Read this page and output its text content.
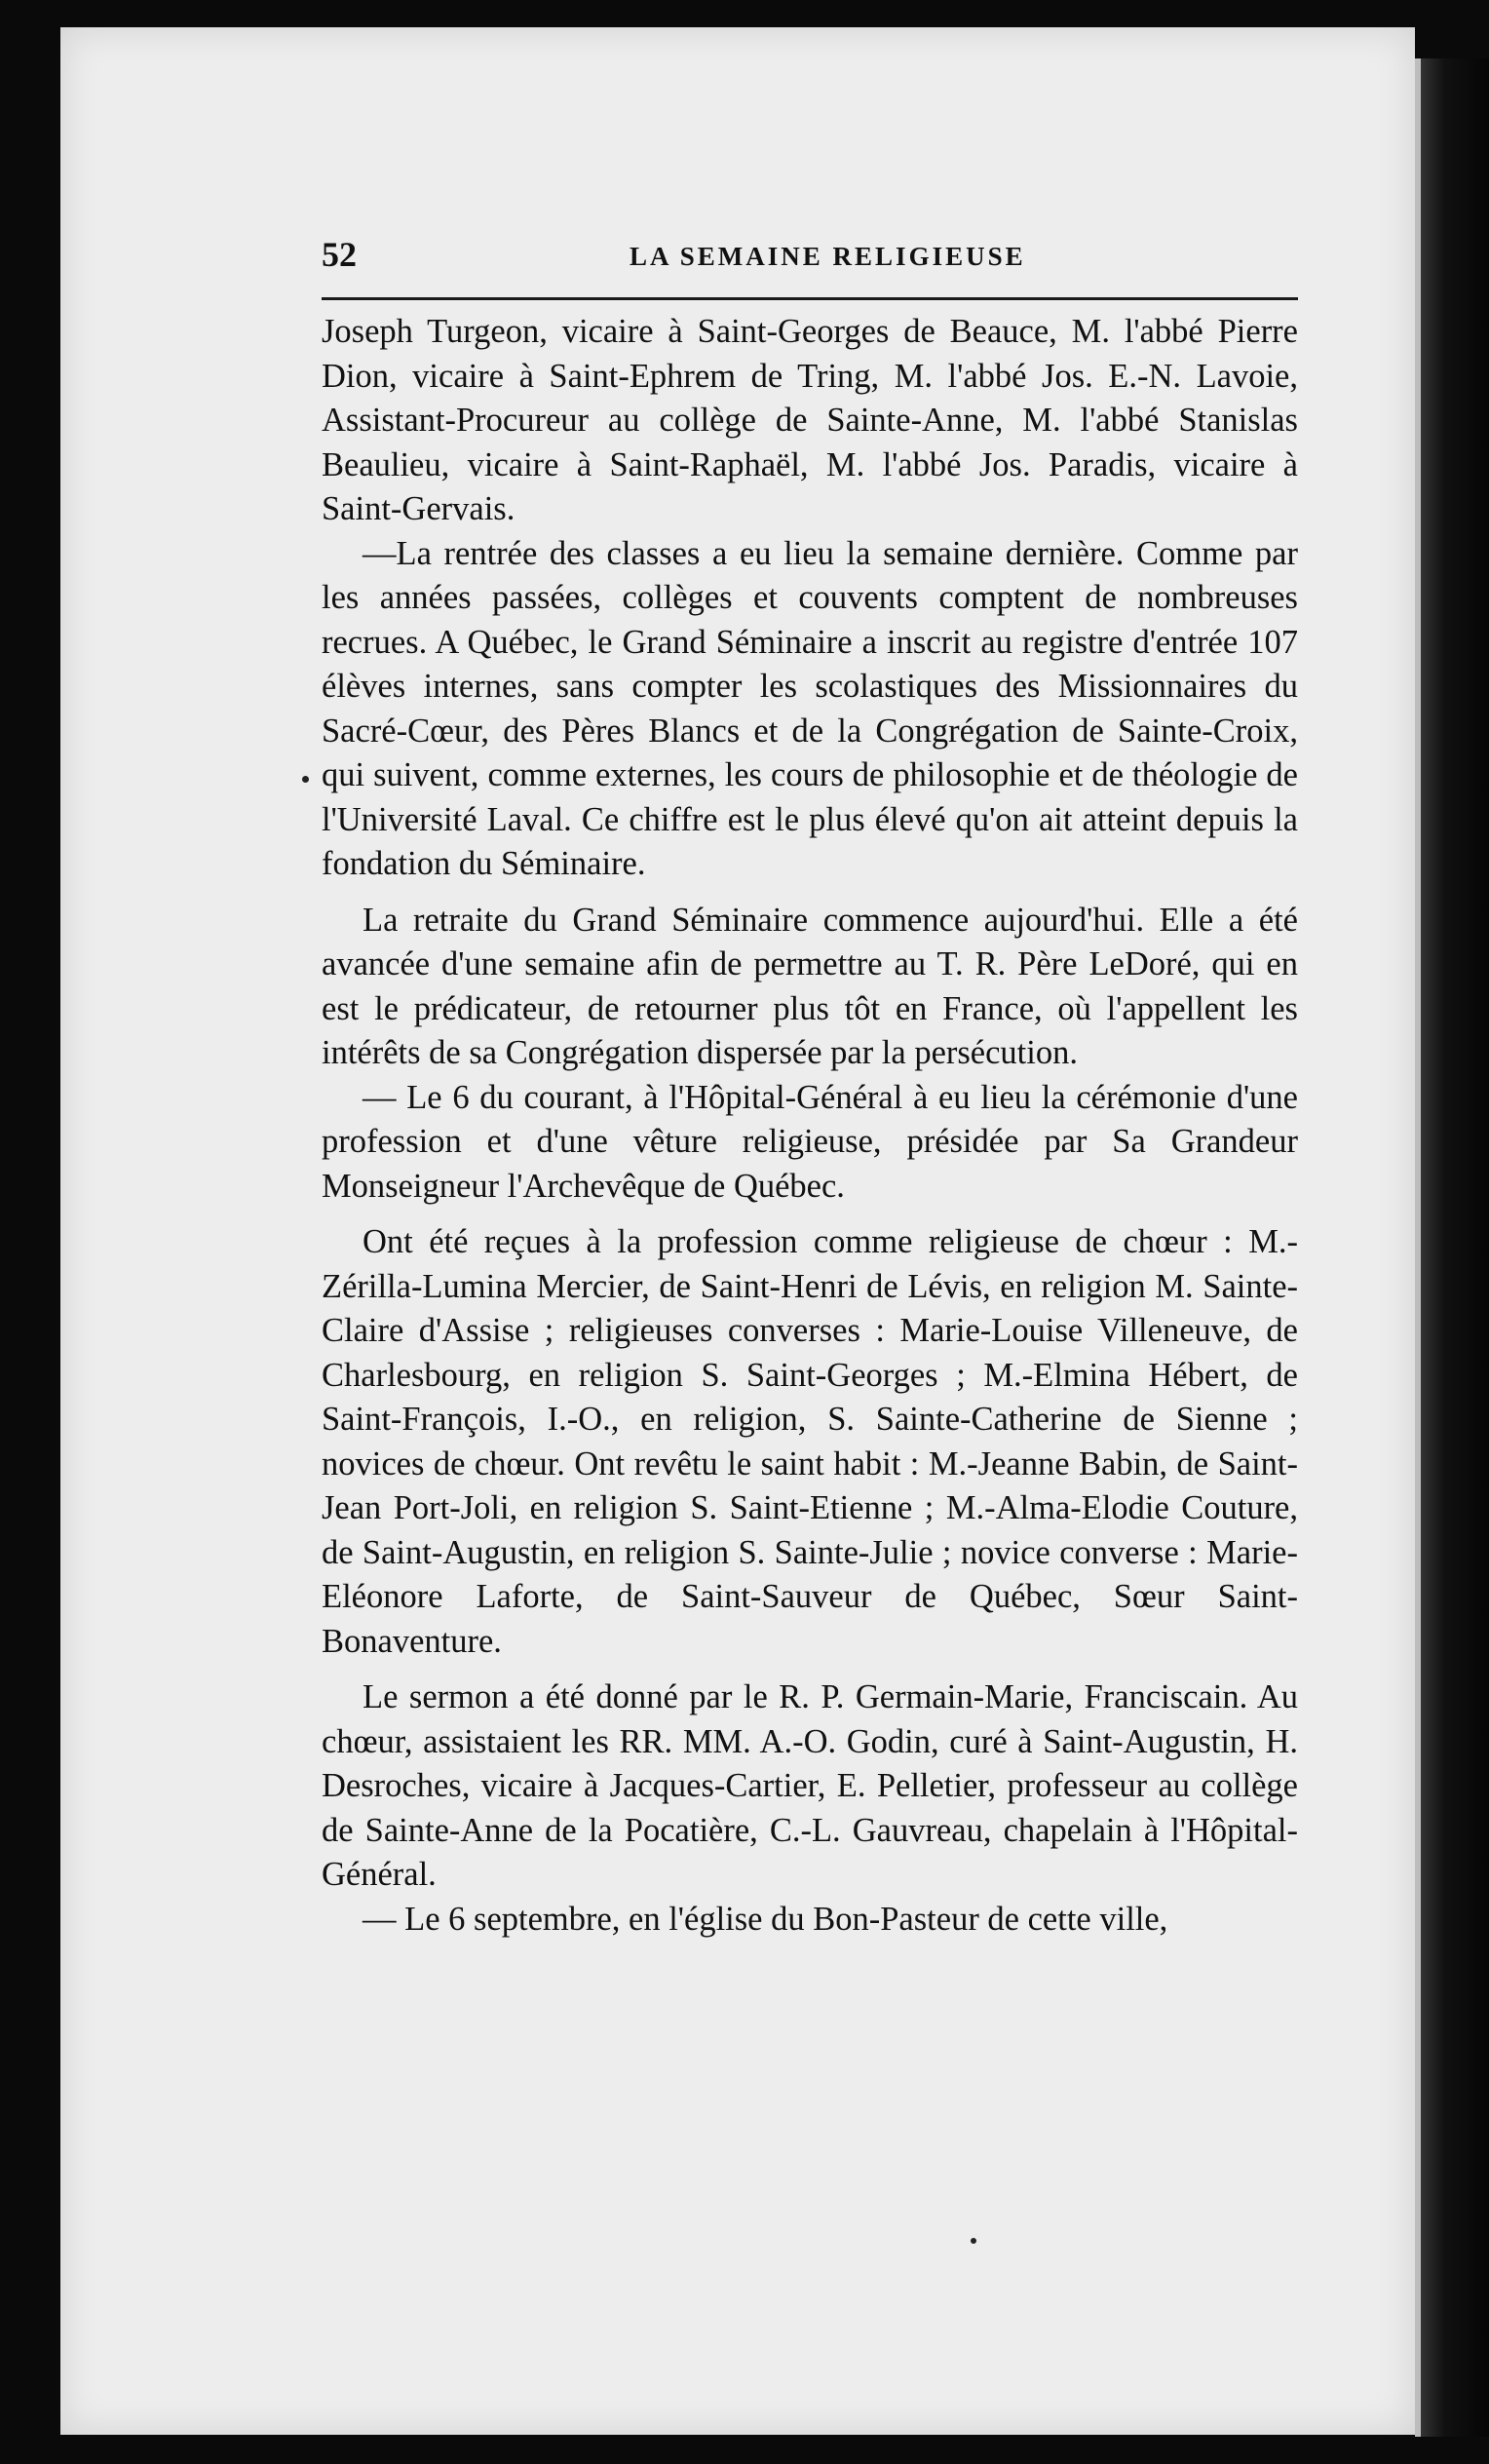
52	LA SEMAINE RELIGIEUSE

Joseph Turgeon, vicaire à Saint-Georges de Beauce, M. l'abbé Pierre Dion, vicaire à Saint-Ephrem de Tring, M. l'abbé Jos. E.-N. Lavoie, Assistant-Procureur au collège de Sainte-Anne, M. l'abbé Stanislas Beaulieu, vicaire à Saint-Raphaël, M. l'abbé Jos. Paradis, vicaire à Saint-Gervais.

—La rentrée des classes a eu lieu la semaine dernière. Comme par les années passées, collèges et couvents comptent de nombreuses recrues. A Québec, le Grand Séminaire a inscrit au registre d'entrée 107 élèves internes, sans compter les scolastiques des Missionnaires du Sacré-Cœur, des Pères Blancs et de la Congrégation de Sainte-Croix, qui suivent, comme externes, les cours de philosophie et de théologie de l'Université Laval. Ce chiffre est le plus élevé qu'on ait atteint depuis la fondation du Séminaire.

La retraite du Grand Séminaire commence aujourd'hui. Elle a été avancée d'une semaine afin de permettre au T. R. Père LeDoré, qui en est le prédicateur, de retourner plus tôt en France, où l'appellent les intérêts de sa Congrégation dispersée par la persécution.

— Le 6 du courant, à l'Hôpital-Général à eu lieu la cérémonie d'une profession et d'une vêture religieuse, présidée par Sa Grandeur Monseigneur l'Archevêque de Québec.

Ont été reçues à la profession comme religieuse de chœur : M.-Zérilla-Lumina Mercier, de Saint-Henri de Lévis, en religion M. Sainte-Claire d'Assise ; religieuses converses : Marie-Louise Villeneuve, de Charlesbourg, en religion S. Saint-Georges ; M.-Elmina Hébert, de Saint-François, I.-O., en religion, S. Sainte-Catherine de Sienne ; novices de chœur. Ont revêtu le saint habit : M.-Jeanne Babin, de Saint-Jean Port-Joli, en religion S. Saint-Etienne ; M.-Alma-Elodie Couture, de Saint-Augustin, en religion S. Sainte-Julie ; novice converse : Marie-Eléonore Laforte, de Saint-Sauveur de Québec, Sœur Saint-Bonaventure.

Le sermon a été donné par le R. P. Germain-Marie, Franciscain. Au chœur, assistaient les RR. MM. A.-O. Godin, curé à Saint-Augustin, H. Desroches, vicaire à Jacques-Cartier, E. Pelletier, professeur au collège de Sainte-Anne de la Pocatière, C.-L. Gauvreau, chapelain à l'Hôpital-Général.

— Le 6 septembre, en l'église du Bon-Pasteur de cette ville,
